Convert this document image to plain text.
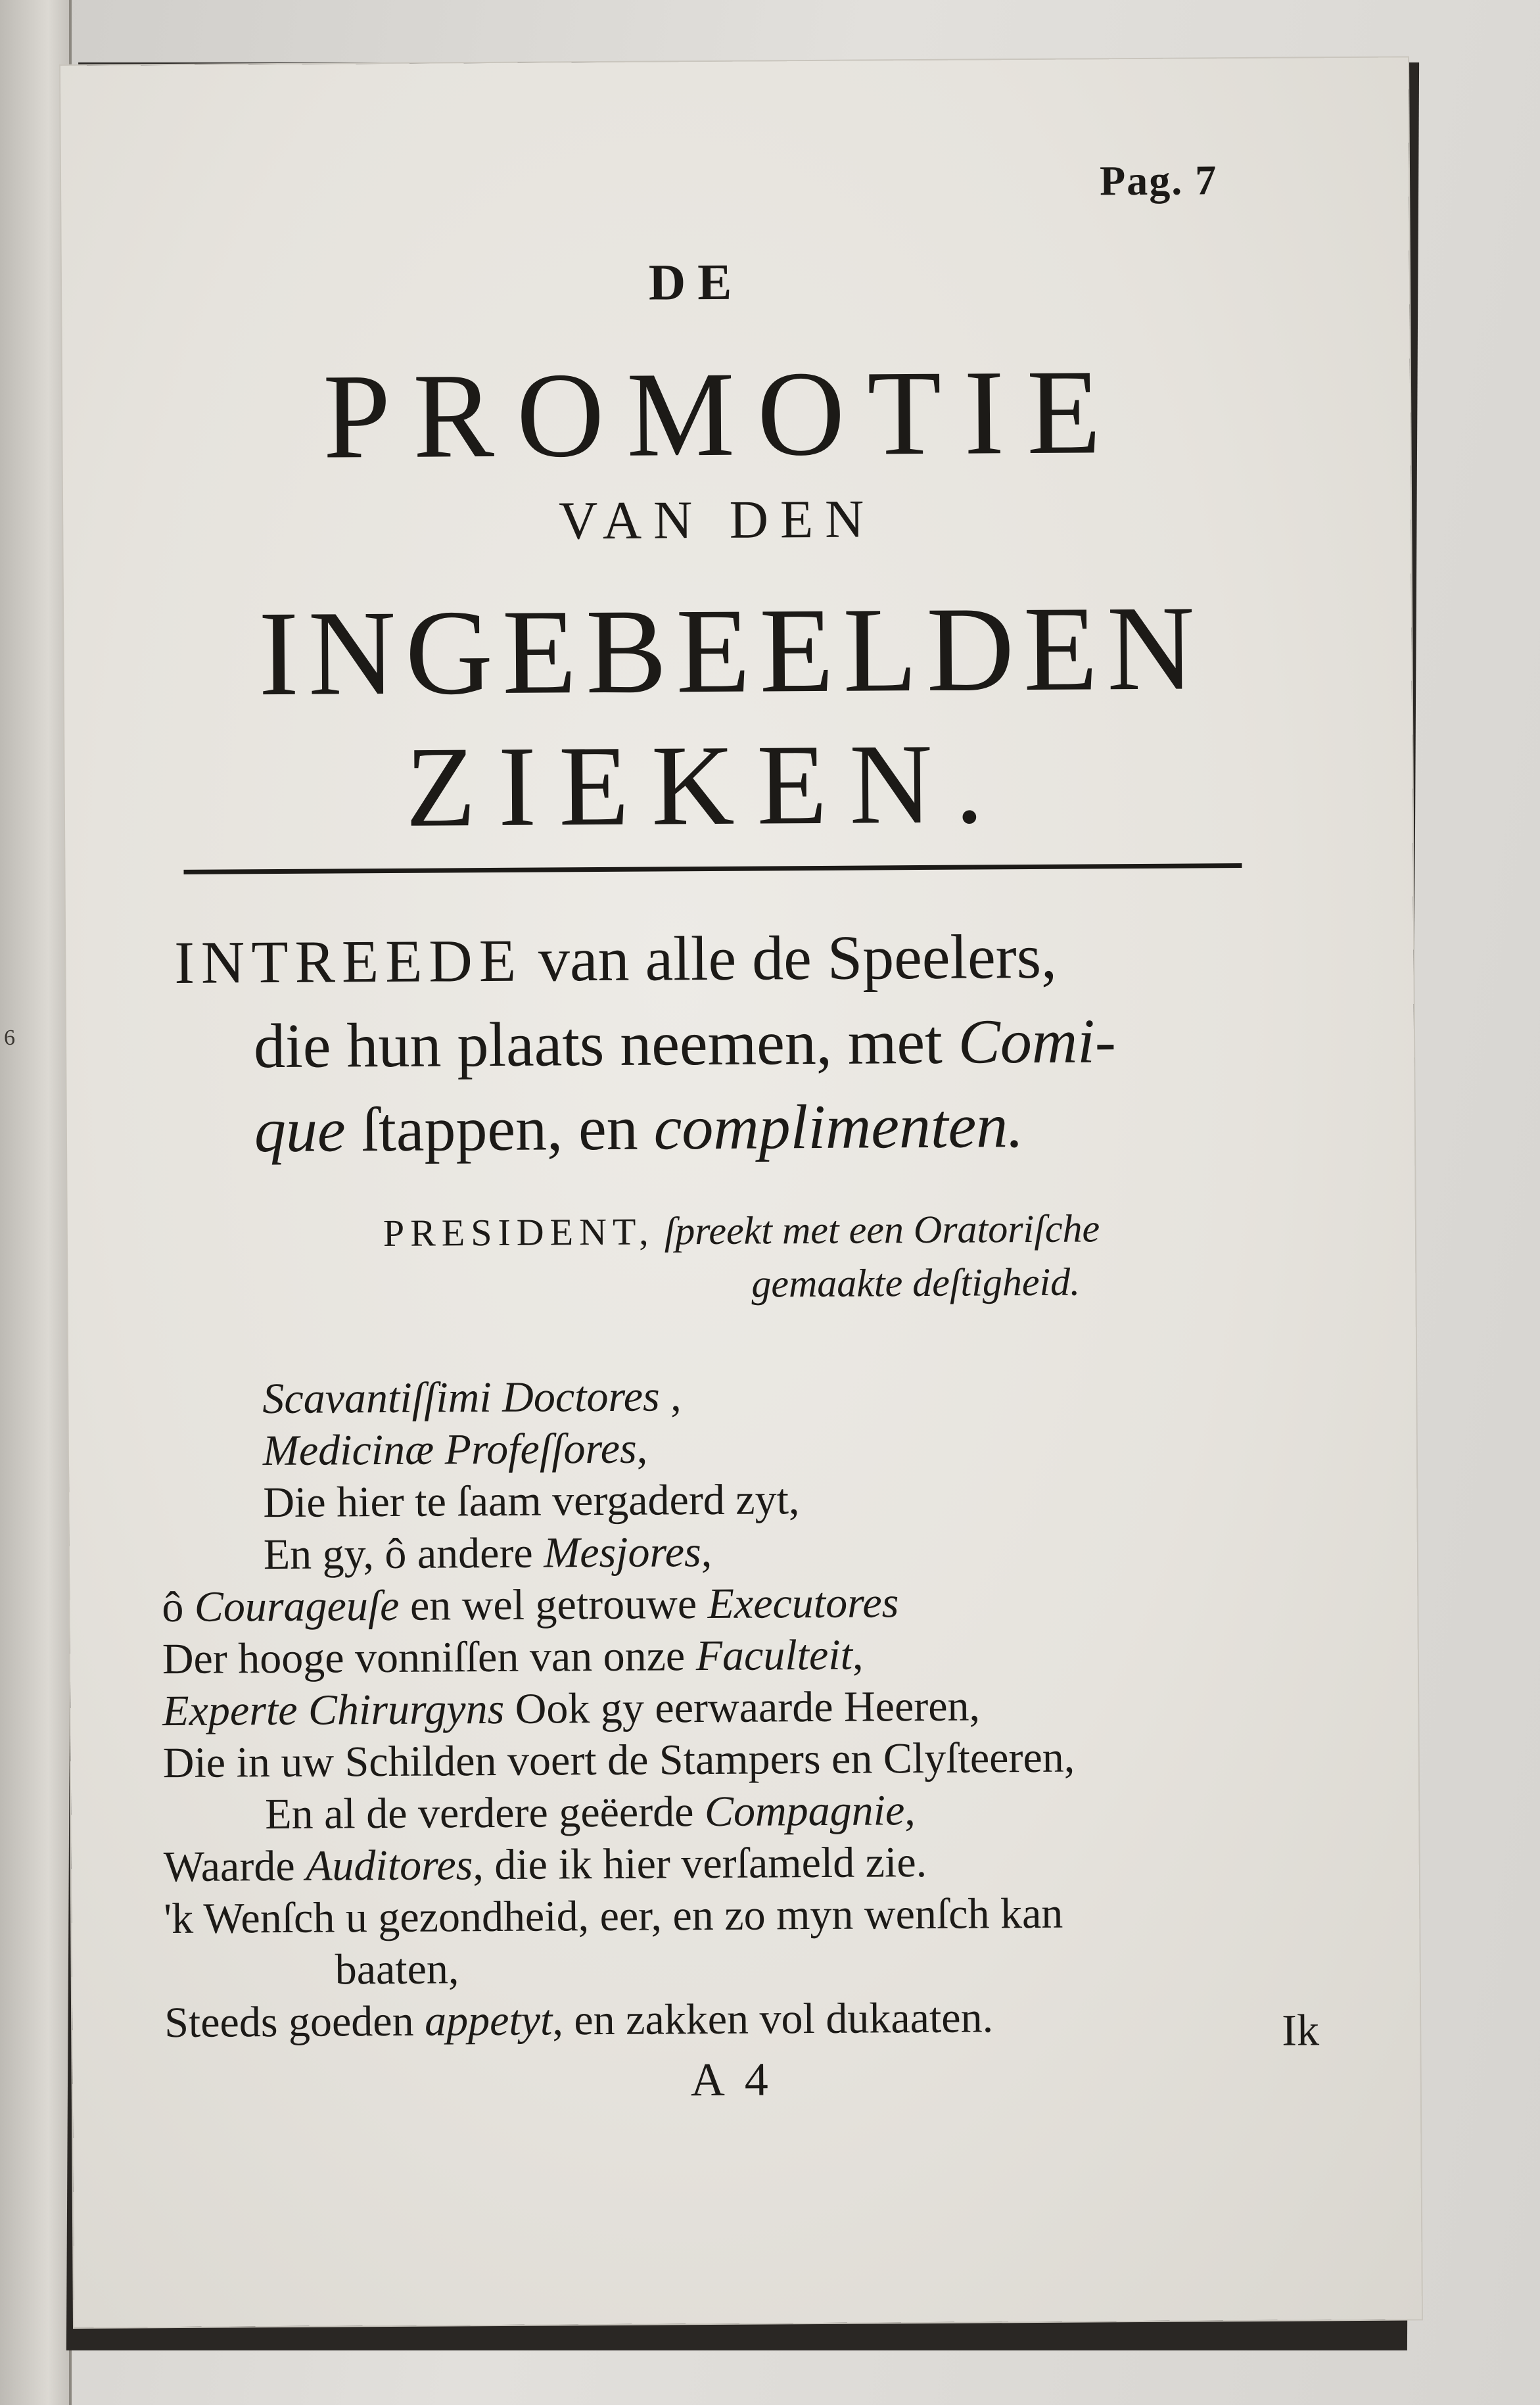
6
Pag. 7
DE
PROMOTIE
VAN DEN
INGEBEELDEN
ZIEKEN.
INTREEDE van alle de Speelers,
die hun plaats neemen, met Comi-
que ſtappen, en complimenten.
PRESIDENT, ſpreekt met een Oratoriſche
gemaakte deſtigheid.
Scavantiſſimi Doctores ,
Medicinæ Profeſſores,
Die hier te ſaam vergaderd zyt,
En gy, ô andere Mesjores,
ô Courageuſe en wel getrouwe Executores
Der hooge vonniſſen van onze Faculteit,
Experte Chirurgyns Ook gy eerwaarde Heeren,
Die in uw Schilden voert de Stampers en Clyſteeren,
En al de verdere geëerde Compagnie,
Waarde Auditores, die ik hier verſameld zie.
'k Wenſch u gezondheid, eer, en zo myn wenſch kan
baaten,
Steeds goeden appetyt, en zakken vol dukaaten.	Ik
A 4
